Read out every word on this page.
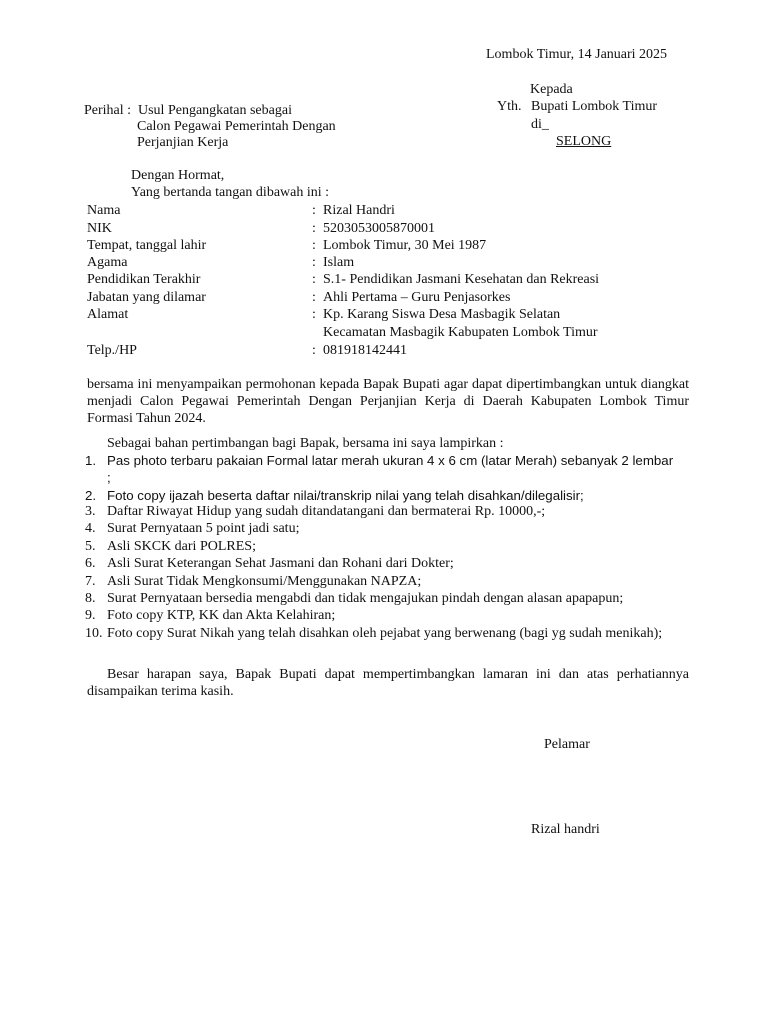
Lombok Timur, 14 Januari 2025
Kepada
Yth. Bupati Lombok Timur
di_
SELONG
Perihal : Usul Pengangkatan sebagai
Calon Pegawai Pemerintah Dengan
Perjanjian Kerja
Dengan Hormat,
Yang bertanda tangan dibawah ini :
Nama	: Rizal Handri
NIK	: 5203053005870001
Tempat, tanggal lahir	: Lombok Timur, 30 Mei 1987
Agama	: Islam
Pendidikan Terakhir	: S.1- Pendidikan Jasmani Kesehatan dan Rekreasi
Jabatan yang dilamar	: Ahli Pertama – Guru Penjasorkes
Alamat	: Kp. Karang Siswa Desa Masbagik Selatan
Kecamatan Masbagik Kabupaten Lombok Timur
Telp./HP	: 081918142441
bersama ini menyampaikan permohonan kepada Bapak Bupati agar dapat dipertimbangkan untuk diangkat menjadi Calon Pegawai Pemerintah Dengan Perjanjian Kerja di Daerah Kabupaten Lombok Timur Formasi Tahun 2024.
Sebagai bahan pertimbangan bagi Bapak, bersama ini saya lampirkan :
1. Pas photo terbaru pakaian Formal latar merah ukuran 4 x 6 cm (latar Merah) sebanyak 2 lembar
;
2. Foto copy ijazah beserta daftar nilai/transkrip nilai yang telah disahkan/dilegalisir;
3. Daftar Riwayat Hidup yang sudah ditandatangani dan bermaterai Rp. 10000,-;
4. Surat Pernyataan 5 point jadi satu;
5. Asli SKCK dari POLRES;
6. Asli Surat Keterangan Sehat Jasmani dan Rohani dari Dokter;
7. Asli Surat Tidak Mengkonsumi/Menggunakan NAPZA;
8. Surat Pernyataan bersedia mengabdi dan tidak mengajukan pindah dengan alasan apapapun;
9. Foto copy KTP, KK dan Akta Kelahiran;
10. Foto copy Surat Nikah yang telah disahkan oleh pejabat yang berwenang (bagi yg sudah menikah);
Besar harapan saya, Bapak Bupati dapat mempertimbangkan lamaran ini dan atas perhatiannya disampaikan terima kasih.
Pelamar
Rizal handri
